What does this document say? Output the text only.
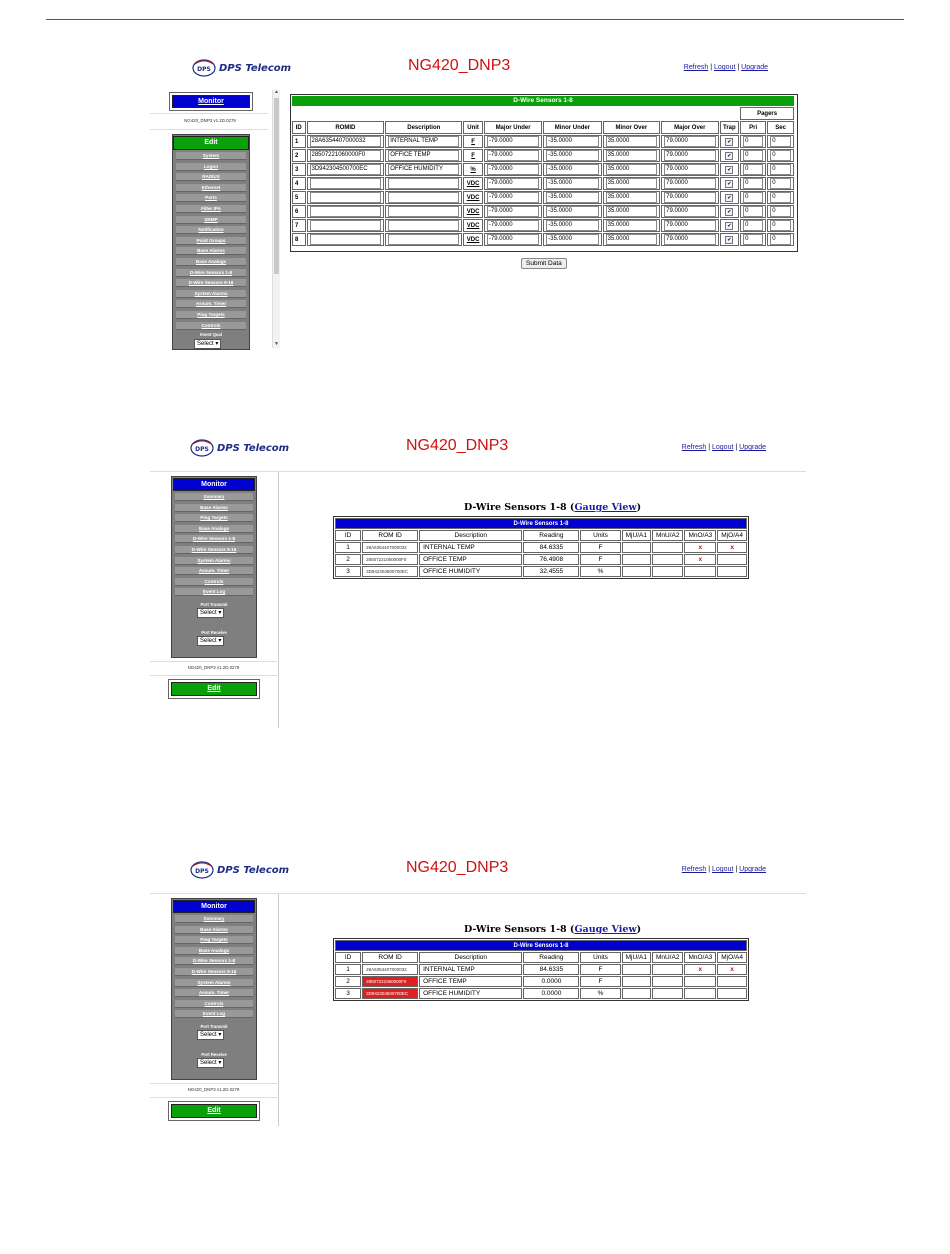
DPS DPS Telecom	NG420_DNP3	Refresh | Logout | Upgrade
Monitor
NG420_DNP3 v1.2D.0279
Edit
System
Logon
RADIUS
Ethernet
Ports
Filter IPA
SNMP
Notification
Point Groups
Base Alarms
Base Analogs
D-Wire Sensors 1-8
D-Wire Sensors 9-16
System Alarms
Assum. Timer
Ping Targets
Controls
Event Qual
Select ▾
▲
▼
D-Wire Sensors 1-8
									Pagers	
ID	ROMID	Description	Unit	Major Under	Minor Under	Minor Over	Major Over	Trap	Pri	Sec
1	28A6354407000032	INTERNAL TEMP	F	-79.0000	-35.0000	35.0000	79.0000	✔	0	0

2	28507221060000F0	OFFICE TEMP	F	-79.0000	-35.0000	35.0000	79.0000	✔	0	0

3	3D942304500700EC	OFFICE HUMIDITY	%	-79.0000	-35.0000	35.0000	79.0000	✔	0	0

4			VDC	-79.0000	-35.0000	35.0000	79.0000	✔	0	0

5			VDC	-79.0000	-35.0000	35.0000	79.0000	✔	0	0

6			VDC	-79.0000	-35.0000	35.0000	79.0000	✔	0	0

7			VDC	-79.0000	-35.0000	35.0000	79.0000	✔	0	0

8			VDC	-79.0000	-35.0000	35.0000	79.0000	✔	0	0
Submit Data
DPS DPS Telecom	NG420_DNP3	Refresh | Logout | Upgrade
Monitor
Summary
Base Alarms
Ping Targets
Base Analogs
D-Wire Sensors 1-8
D-Wire Sensors 9-16
System Alarms
Assum. Timer
Controls
Event Log
Port Transmit
Select ▾
Port Receive
Select ▾
NG420_DNP3 v1.2D.0279
Edit
D-Wire Sensors 1-8 (Gauge View)
D-Wire Sensors 1-8								
ID	ROM ID	Description	Reading	Units	MjU/A1	MnU/A2	MnO/A3	MjO/A4
1	28A6354407000032	INTERNAL TEMP	84.6335	F			x	x
2	28507221060000F0	OFFICE TEMP	76.4908	F			x	
3	3D942304500700EC	OFFICE HUMIDITY	32.4555	%				
DPS DPS Telecom	NG420_DNP3	Refresh | Logout | Upgrade
Monitor
Summary
Base Alarms
Ping Targets
Base Analogs
D-Wire Sensors 1-8
D-Wire Sensors 9-16
System Alarms
Assum. Timer
Controls
Event Log
Port Transmit
Select ▾
Port Receive
Select ▾
NG420_DNP3 v1.2D.0279
Edit
D-Wire Sensors 1-8 (Gauge View)
D-Wire Sensors 1-8								
ID	ROM ID	Description	Reading	Units	MjU/A1	MnU/A2	MnO/A3	MjO/A4
1	28A6354407000032	INTERNAL TEMP	84.6335	F			x	x
2	28507221060000F0	OFFICE TEMP	0.0000	F				
3	3D942304500700EC	OFFICE HUMIDITY	0.0000	%				
